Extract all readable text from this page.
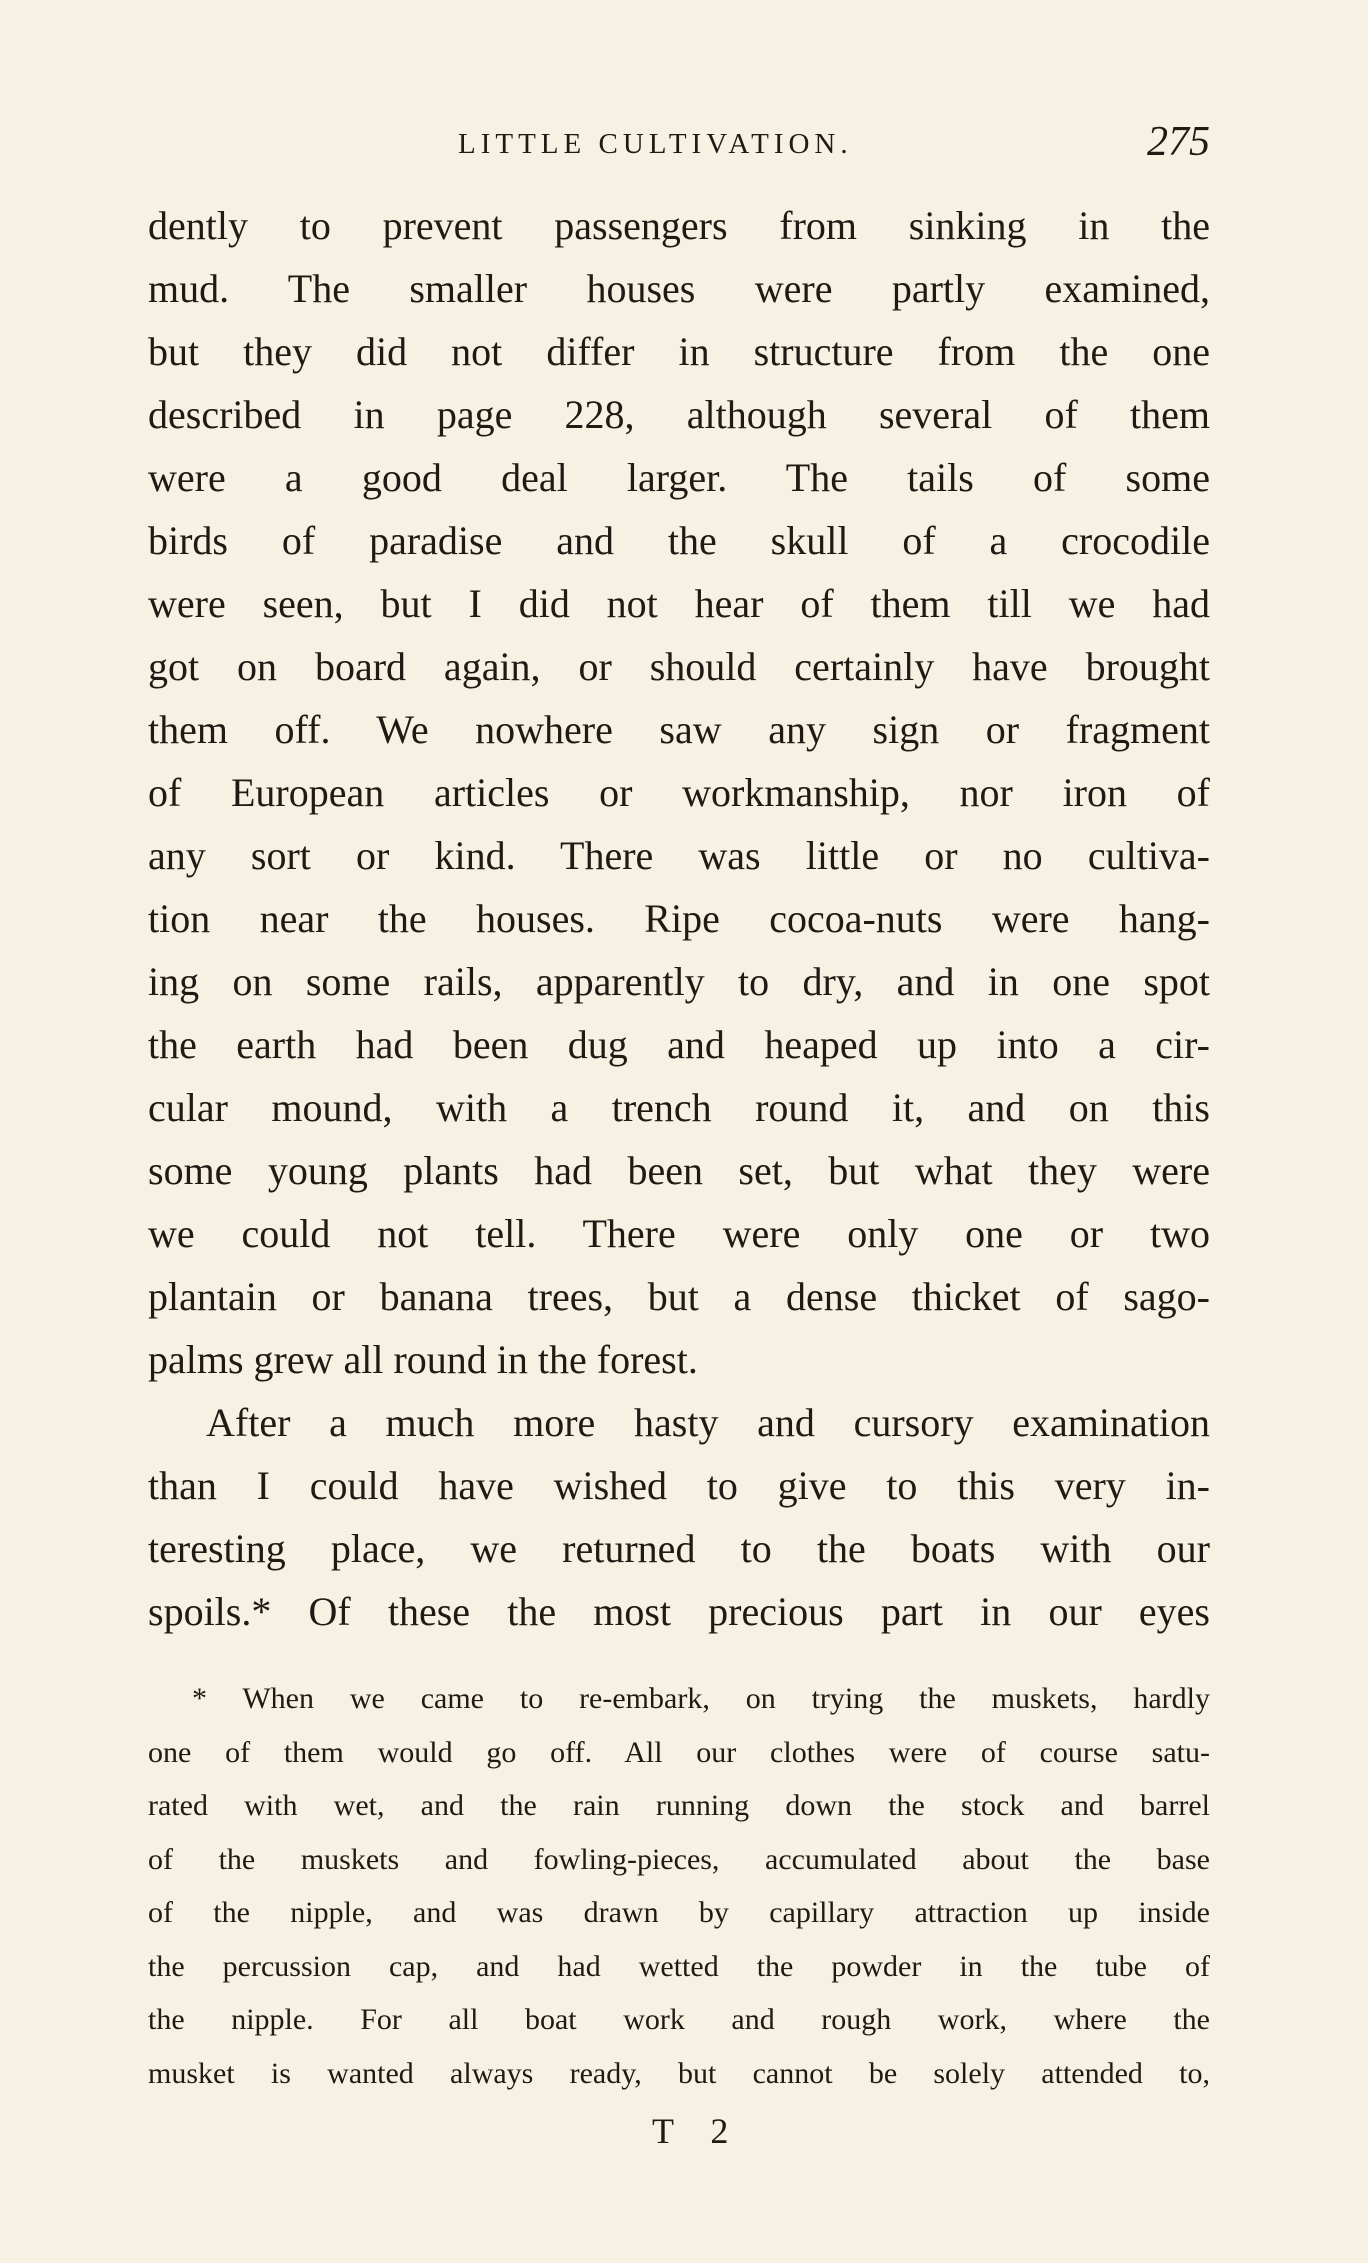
LITTLE CULTIVATION.	275
dently to prevent passengers from sinking in the
mud. The smaller houses were partly examined,
but they did not differ in structure from the one
described in page 228, although several of them
were a good deal larger. The tails of some
birds of paradise and the skull of a crocodile
were seen, but I did not hear of them till we had
got on board again, or should certainly have brought
them off. We nowhere saw any sign or fragment
of European articles or workmanship, nor iron of
any sort or kind. There was little or no cultiva-
tion near the houses. Ripe cocoa-nuts were hang-
ing on some rails, apparently to dry, and in one spot
the earth had been dug and heaped up into a cir-
cular mound, with a trench round it, and on this
some young plants had been set, but what they were
we could not tell. There were only one or two
plantain or banana trees, but a dense thicket of sago-
palms grew all round in the forest.
After a much more hasty and cursory examination
than I could have wished to give to this very in-
teresting place, we returned to the boats with our
spoils.* Of these the most precious part in our eyes
* When we came to re-embark, on trying the muskets, hardly
one of them would go off. All our clothes were of course satu-
rated with wet, and the rain running down the stock and barrel
of the muskets and fowling-pieces, accumulated about the base
of the nipple, and was drawn by capillary attraction up inside
the percussion cap, and had wetted the powder in the tube of
the nipple. For all boat work and rough work, where the
musket is wanted always ready, but cannot be solely attended to,
T 2
